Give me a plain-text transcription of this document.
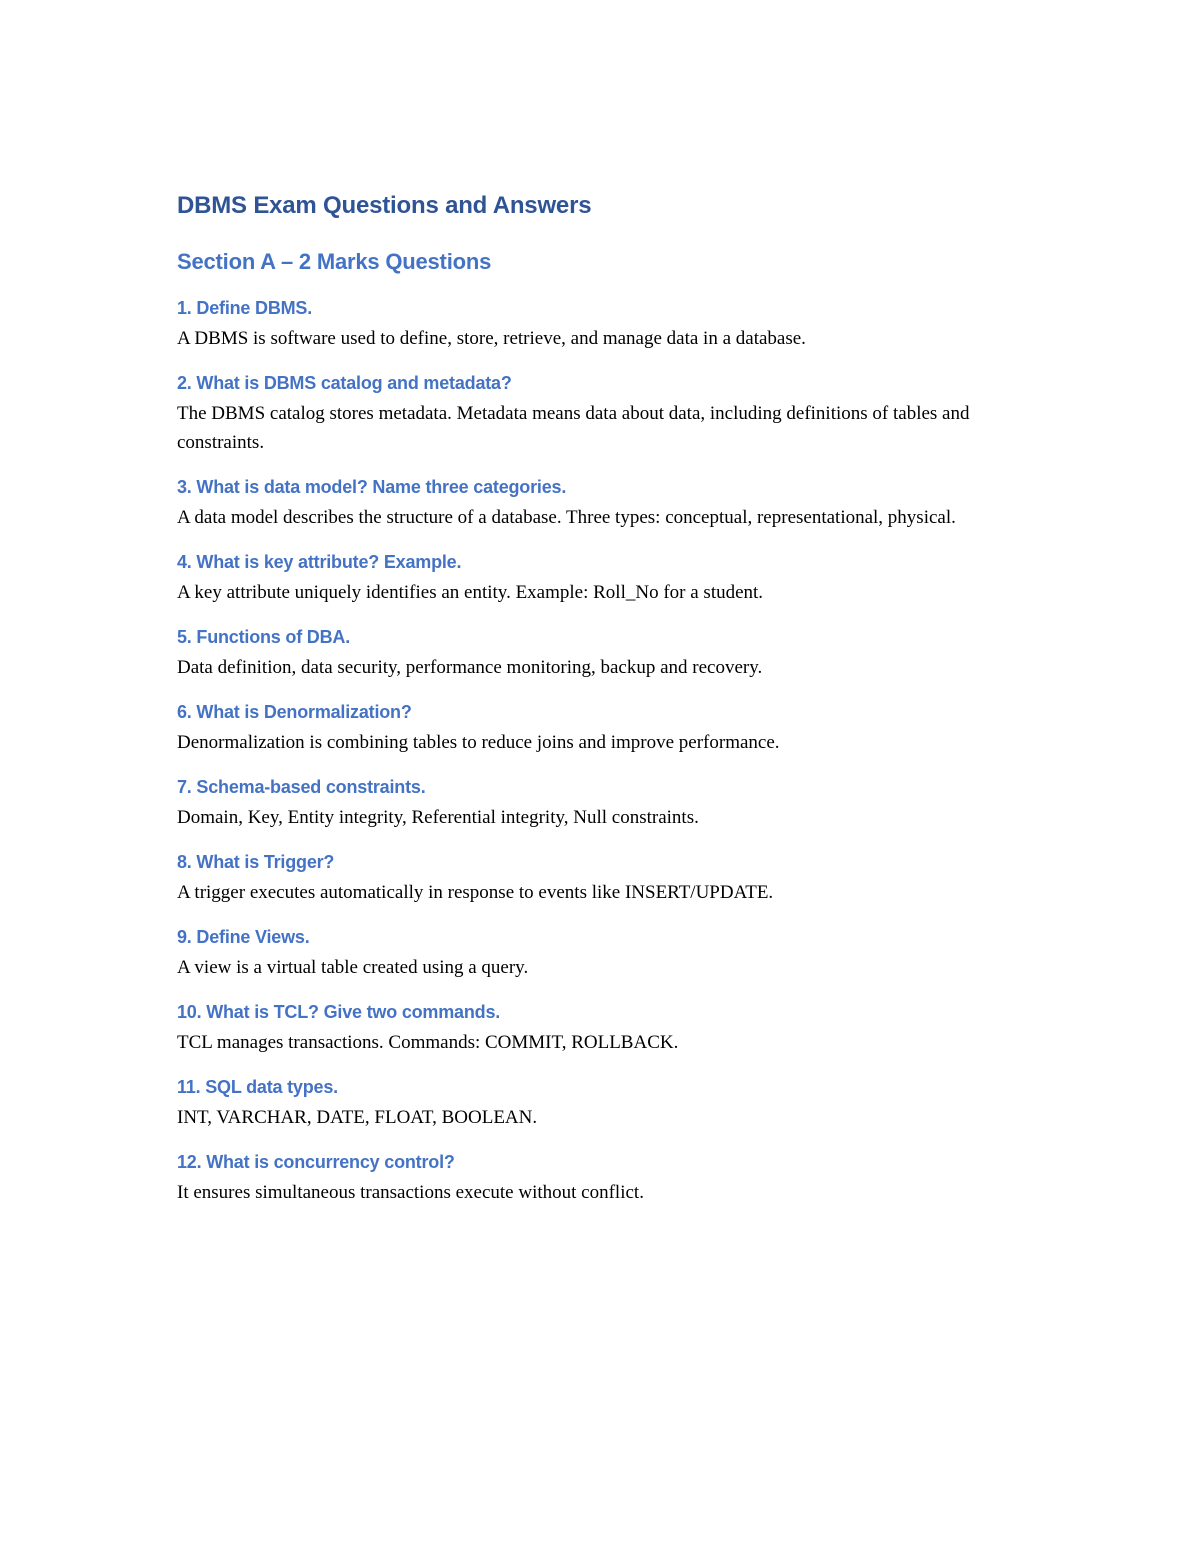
DBMS Exam Questions and Answers
Section A – 2 Marks Questions

1. Define DBMS.

A DBMS is software used to define, store, retrieve, and manage data in a database.

2. What is DBMS catalog and metadata?

The DBMS catalog stores metadata. Metadata means data about data, including definitions of tables and constraints.

3. What is data model? Name three categories.

A data model describes the structure of a database. Three types: conceptual, representational, physical.

4. What is key attribute? Example.

A key attribute uniquely identifies an entity. Example: Roll_No for a student.

5. Functions of DBA.

Data definition, data security, performance monitoring, backup and recovery.

6. What is Denormalization?

Denormalization is combining tables to reduce joins and improve performance.

7. Schema-based constraints.

Domain, Key, Entity integrity, Referential integrity, Null constraints.

8. What is Trigger?

A trigger executes automatically in response to events like INSERT/UPDATE.

9. Define Views.

A view is a virtual table created using a query.

10. What is TCL? Give two commands.

TCL manages transactions. Commands: COMMIT, ROLLBACK.

11. SQL data types.

INT, VARCHAR, DATE, FLOAT, BOOLEAN.

12. What is concurrency control?

It ensures simultaneous transactions execute without conflict.
